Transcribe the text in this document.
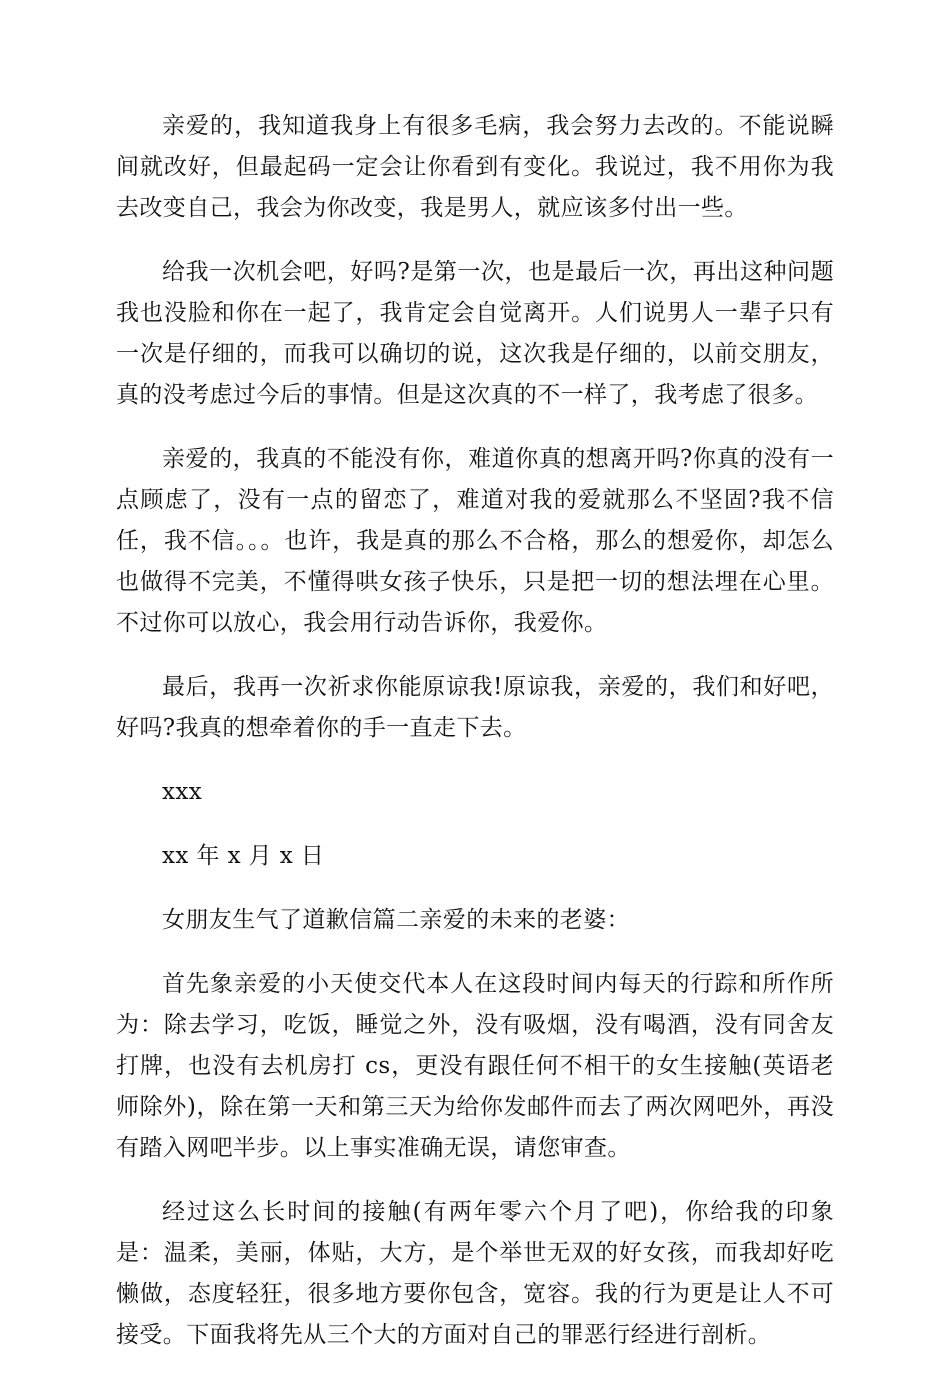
亲爱的，我知道我身上有很多毛病，我会努力去改的。不能说瞬间就改好，但最起码一定会让你看到有变化。我说过，我不用你为我去改变自己，我会为你改变，我是男人，就应该多付出一些。

给我一次机会吧，好吗?是第一次，也是最后一次，再出这种问题我也没脸和你在一起了，我肯定会自觉离开。人们说男人一辈子只有一次是仔细的，而我可以确切的说，这次我是仔细的，以前交朋友，真的没考虑过今后的事情。但是这次真的不一样了，我考虑了很多。

亲爱的，我真的不能没有你，难道你真的想离开吗?你真的没有一点顾虑了，没有一点的留恋了，难道对我的爱就那么不坚固?我不信任，我不信。。。也许，我是真的那么不合格，那么的想爱你，却怎么也做得不完美，不懂得哄女孩子快乐，只是把一切的想法埋在心里。不过你可以放心，我会用行动告诉你，我爱你。

最后，我再一次祈求你能原谅我!原谅我，亲爱的，我们和好吧，好吗?我真的想牵着你的手一直走下去。

xxx

xx 年 x 月 x 日

女朋友生气了道歉信篇二亲爱的未来的老婆：

首先象亲爱的小天使交代本人在这段时间内每天的行踪和所作所为：除去学习，吃饭，睡觉之外，没有吸烟，没有喝酒，没有同舍友打牌，也没有去机房打 cs，更没有跟任何不相干的女生接触(英语老师除外)，除在第一天和第三天为给你发邮件而去了两次网吧外，再没有踏入网吧半步。以上事实准确无误，请您审查。

经过这么长时间的接触(有两年零六个月了吧)，你给我的印象是：温柔，美丽，体贴，大方，是个举世无双的好女孩，而我却好吃懒做，态度轻狂，很多地方要你包含，宽容。我的行为更是让人不可接受。下面我将先从三个大的方面对自己的罪恶行经进行剖析。
